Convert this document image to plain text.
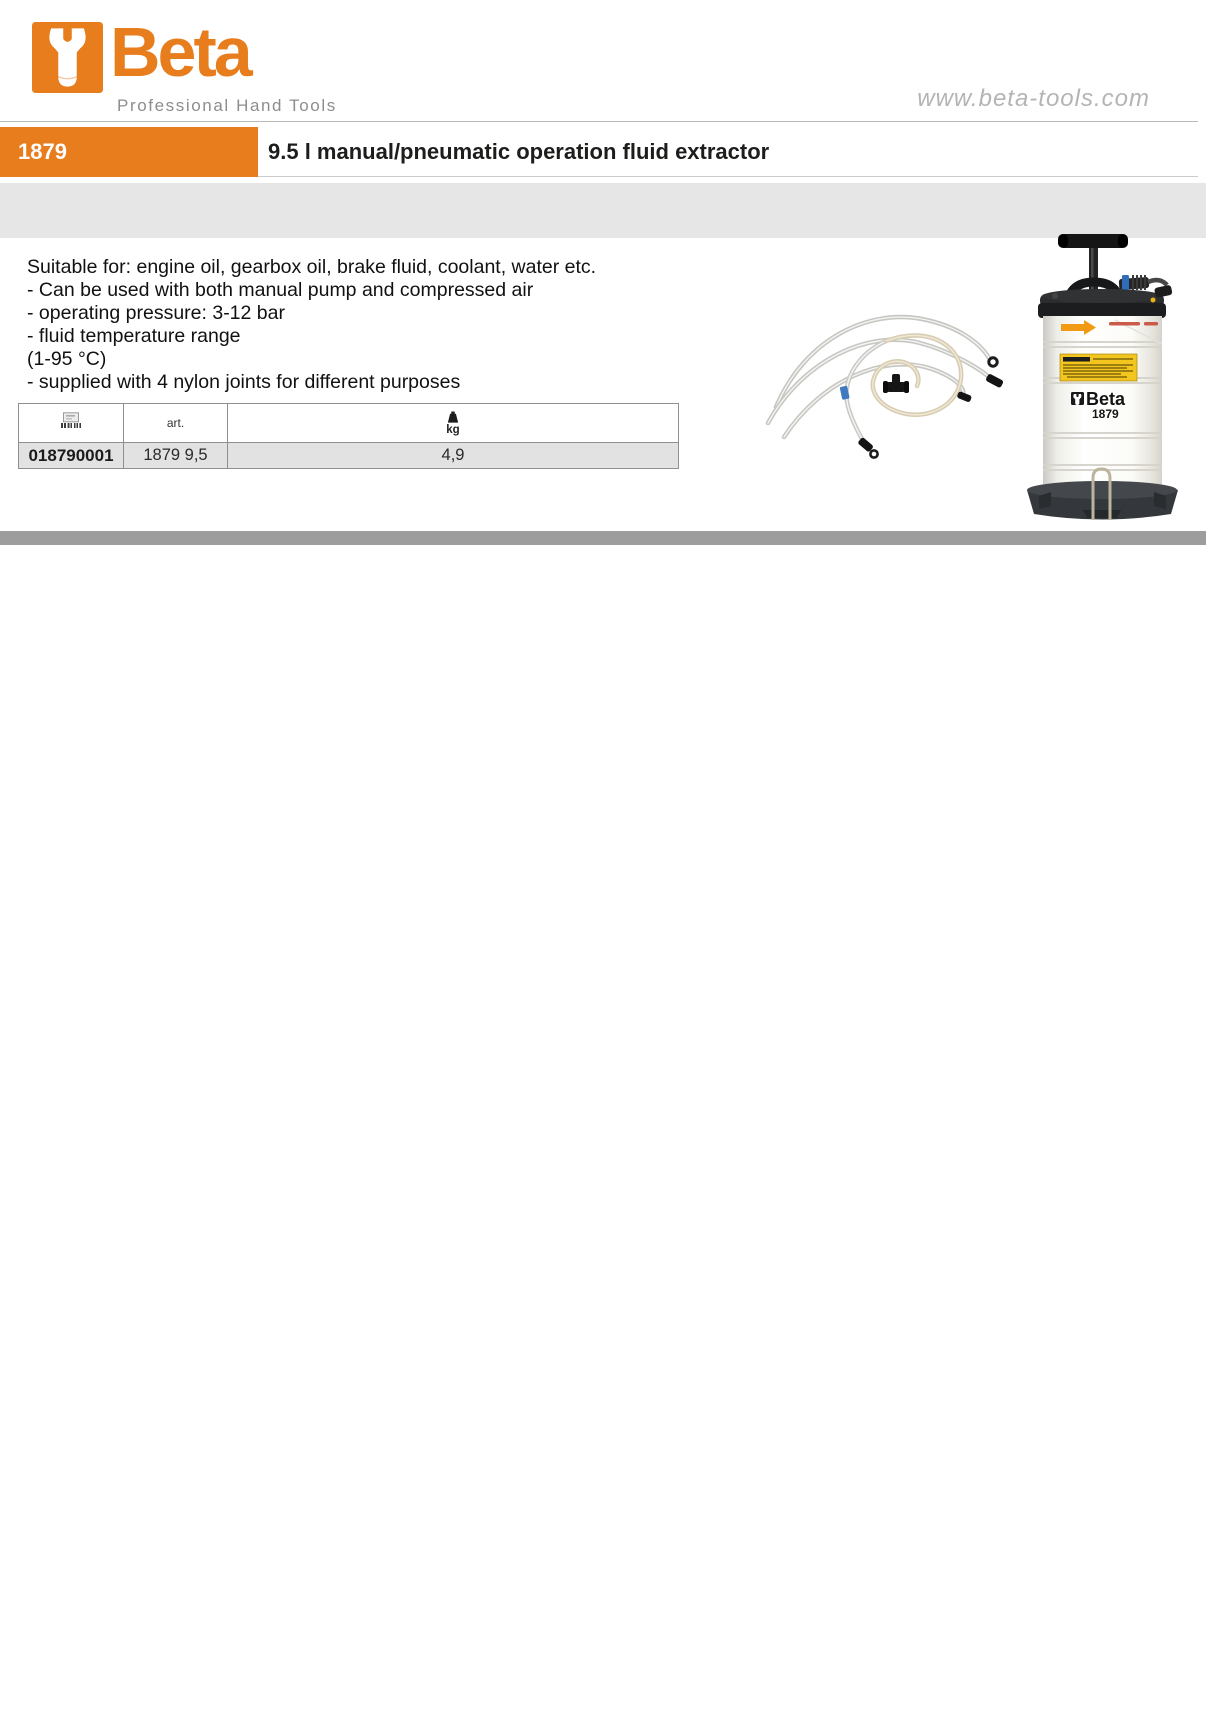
Beta
Professional Hand Tools	www.beta-tools.com
1879	9.5 l manual/pneumatic operation fluid extractor
Suitable for: engine oil, gearbox oil, brake fluid, coolant, water etc.
- Can be used with both manual pump and compressed air
- operating pressure: 3-12 bar
- fluid temperature range
(1-95 °C)
- supplied with 4 nylon joints for different purposes
	art.	kg

018790001	1879 9,5	4,9
Beta
1879
